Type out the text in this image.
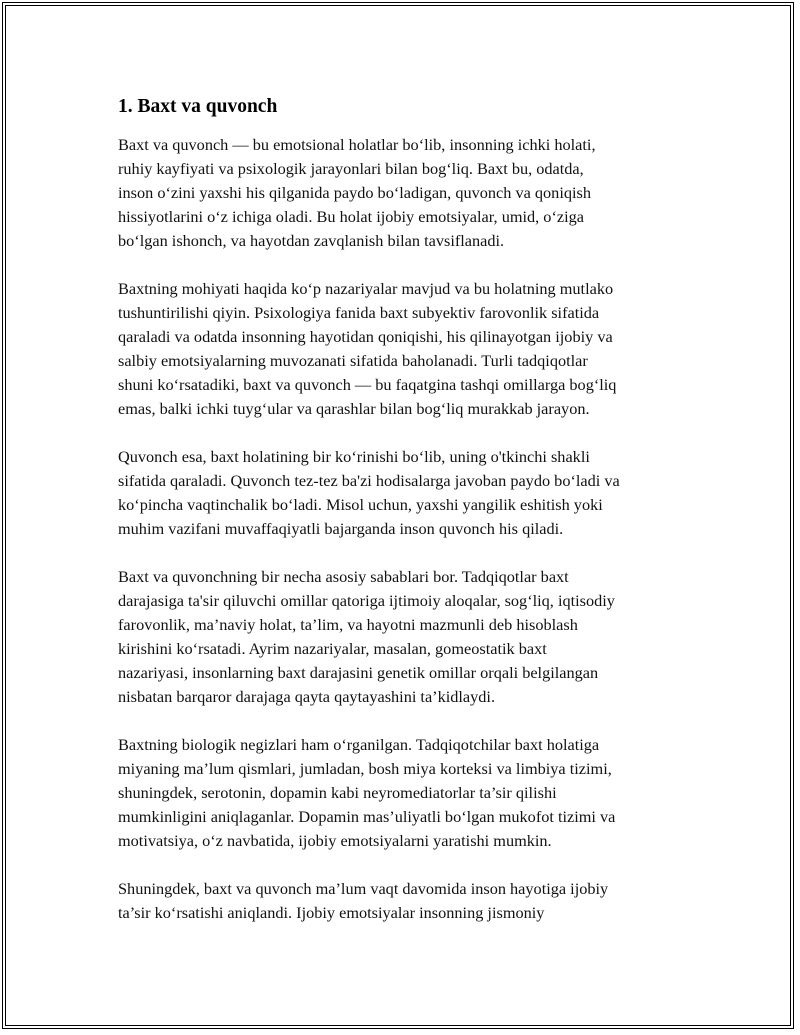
1. Baxt va quvonch

Baxt va quvonch — bu emotsional holatlar bo‘lib, insonning ichki holati,
ruhiy kayfiyati va psixologik jarayonlari bilan bog‘liq. Baxt bu, odatda,
inson o‘zini yaxshi his qilganida paydo bo‘ladigan, quvonch va qoniqish
hissiyotlarini o‘z ichiga oladi. Bu holat ijobiy emotsiyalar, umid, o‘ziga
bo‘lgan ishonch, va hayotdan zavqlanish bilan tavsiflanadi.

Baxtning mohiyati haqida ko‘p nazariyalar mavjud va bu holatning mutlako
tushuntirilishi qiyin. Psixologiya fanida baxt subyektiv farovonlik sifatida
qaraladi va odatda insonning hayotidan qoniqishi, his qilinayotgan ijobiy va
salbiy emotsiyalarning muvozanati sifatida baholanadi. Turli tadqiqotlar
shuni ko‘rsatadiki, baxt va quvonch — bu faqatgina tashqi omillarga bog‘liq
emas, balki ichki tuyg‘ular va qarashlar bilan bog‘liq murakkab jarayon.

Quvonch esa, baxt holatining bir ko‘rinishi bo‘lib, uning o'tkinchi shakli
sifatida qaraladi. Quvonch tez-tez ba'zi hodisalarga javoban paydo bo‘ladi va
ko‘pincha vaqtinchalik bo‘ladi. Misol uchun, yaxshi yangilik eshitish yoki
muhim vazifani muvaffaqiyatli bajarganda inson quvonch his qiladi.

Baxt va quvonchning bir necha asosiy sabablari bor. Tadqiqotlar baxt
darajasiga ta'sir qiluvchi omillar qatoriga ijtimoiy aloqalar, sog‘liq, iqtisodiy
farovonlik, ma’naviy holat, ta’lim, va hayotni mazmunli deb hisoblash
kirishini ko‘rsatadi. Ayrim nazariyalar, masalan, gomeostatik baxt
nazariyasi, insonlarning baxt darajasini genetik omillar orqali belgilangan
nisbatan barqaror darajaga qayta qaytayashini ta’kidlaydi.

Baxtning biologik negizlari ham o‘rganilgan. Tadqiqotchilar baxt holatiga
miyaning ma’lum qismlari, jumladan, bosh miya korteksi va limbiya tizimi,
shuningdek, serotonin, dopamin kabi neyromediatorlar ta’sir qilishi
mumkinligini aniqlaganlar. Dopamin mas’uliyatli bo‘lgan mukofot tizimi va
motivatsiya, o‘z navbatida, ijobiy emotsiyalarni yaratishi mumkin.

Shuningdek, baxt va quvonch ma’lum vaqt davomida inson hayotiga ijobiy
ta’sir ko‘rsatishi aniqlandi. Ijobiy emotsiyalar insonning jismoniy
